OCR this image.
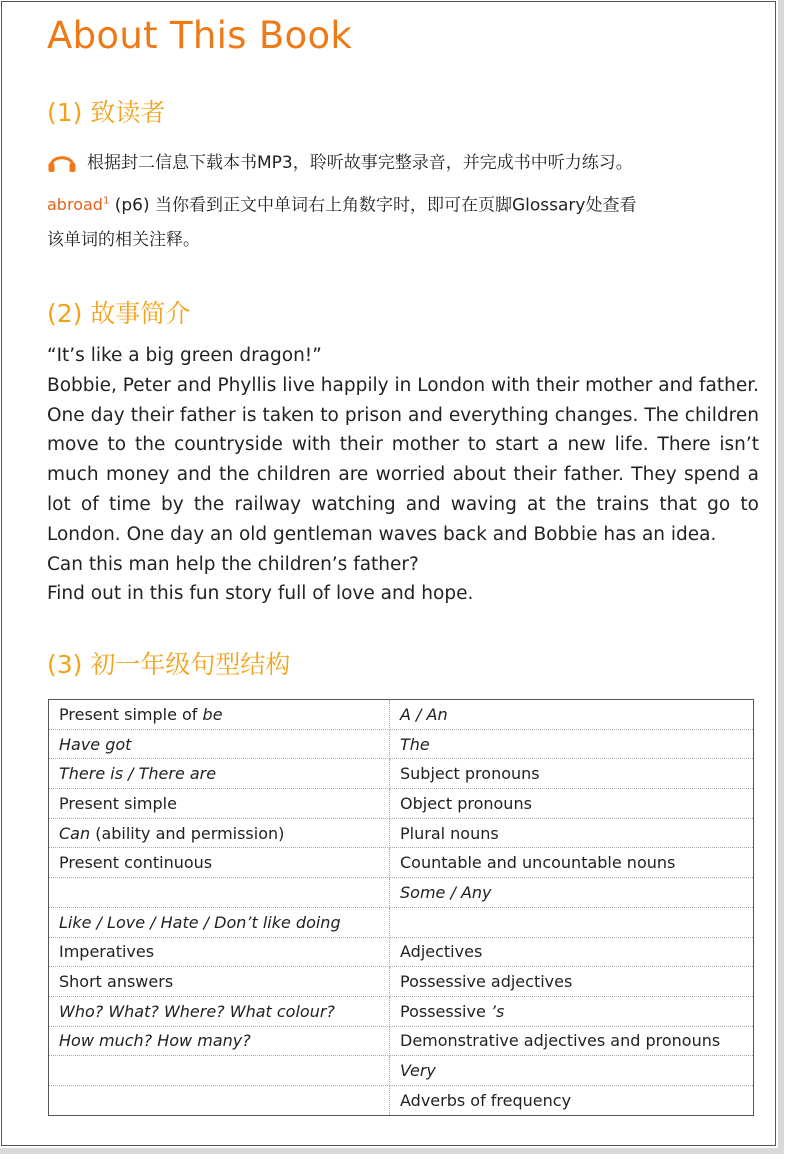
About This Book
(1) 致读者
根据封二信息下载本书MP3，聆听故事完整录音，并完成书中听力练习。
abroad$^1$ (p6) 当你看到正文中单词右上角数字时，即可在页脚Glossary处查看
该单词的相关注释。
(2) 故事简介

“It’s like a big green dragon!”

Bobbie, Peter and Phyllis live happily in London with their mother and father. One day their father is taken to prison and everything changes. The children move to the countryside with their mother to start a new life. There isn’t much money and the children are worried about their father. They spend a lot of time by the railway watching and waving at the trains that go to London. One day an old gentleman waves back and Bobbie has an idea.

Can this man help the children’s father?

Find out in this fun story full of love and hope.

(3) 初一年级句型结构
Present simple of be	A / An
Have got	The
There is / There are	Subject pronouns
Present simple	Object pronouns
Can (ability and permission)	Plural nouns
Present continuous	Countable and uncountable nouns
	Some / Any
Like / Love / Hate / Don’t like doing	
Imperatives	Adjectives
Short answers	Possessive adjectives
Who? What? Where? What colour?	Possessive ’s
How much? How many?	Demonstrative adjectives and pronouns
	Very
	Adverbs of frequency
